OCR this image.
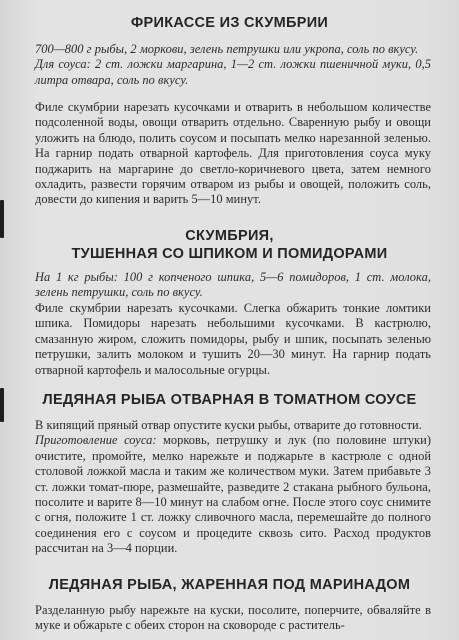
ФРИКАССЕ ИЗ СКУМБРИИ

700—800 г рыбы, 2 моркови, зелень петрушки или укропа, соль по вкусу.

Для соуса: 2 ст. ложки маргарина, 1—2 ст. ложки пшеничной муки, 0,5 литра отвара, соль по вкусу.

Филе скумбрии нарезать кусочками и отварить в небольшом количестве подсоленной воды, овощи отварить отдельно. Сваренную рыбу и овощи уложить на блюдо, полить соусом и посыпать мелко нарезанной зеленью. На гарнир подать отварной картофель. Для приготовления соуса муку поджарить на маргарине до светло-коричневого цвета, затем немного охладить, развести горячим отваром из рыбы и овощей, положить соль, довести до кипения и варить 5—10 минут.

СКУМБРИЯ,
ТУШЕННАЯ СО ШПИКОМ И ПОМИДОРАМИ

На 1 кг рыбы: 100 г копченого шпика, 5—6 помидоров, 1 ст. молока, зелень петрушки, соль по вкусу.

Филе скумбрии нарезать кусочками. Слегка обжарить тонкие ломтики шпика. Помидоры нарезать небольшими кусочками. В кастрюлю, смазанную жиром, сложить помидоры, рыбу и шпик, посыпать зеленью петрушки, залить молоком и тушить 20—30 минут. На гарнир подать отварной картофель и малосольные огурцы.

ЛЕДЯНАЯ РЫБА ОТВАРНАЯ В ТОМАТНОМ СОУСЕ

В кипящий пряный отвар опустите куски рыбы, отварите до готовности.

Приготовление соуса: морковь, петрушку и лук (по половине штуки) очистите, промойте, мелко нарежьте и поджарьте в кастрюле с одной столовой ложкой масла и таким же количеством муки. Затем прибавьте 3 ст. ложки томат-пюре, размешайте, разведите 2 стакана рыбного бульона, посолите и варите 8—10 минут на слабом огне. После этого соус снимите с огня, положите 1 ст. ложку сливочного масла, перемешайте до полного соединения его с соусом и процедите сквозь сито. Расход продуктов рассчитан на 3—4 порции.

ЛЕДЯНАЯ РЫБА, ЖАРЕННАЯ ПОД МАРИНАДОМ

Разделанную рыбу нарежьте на куски, посолите, поперчите, обваляйте в муке и обжарьте с обеих сторон на сковороде с раститель-
